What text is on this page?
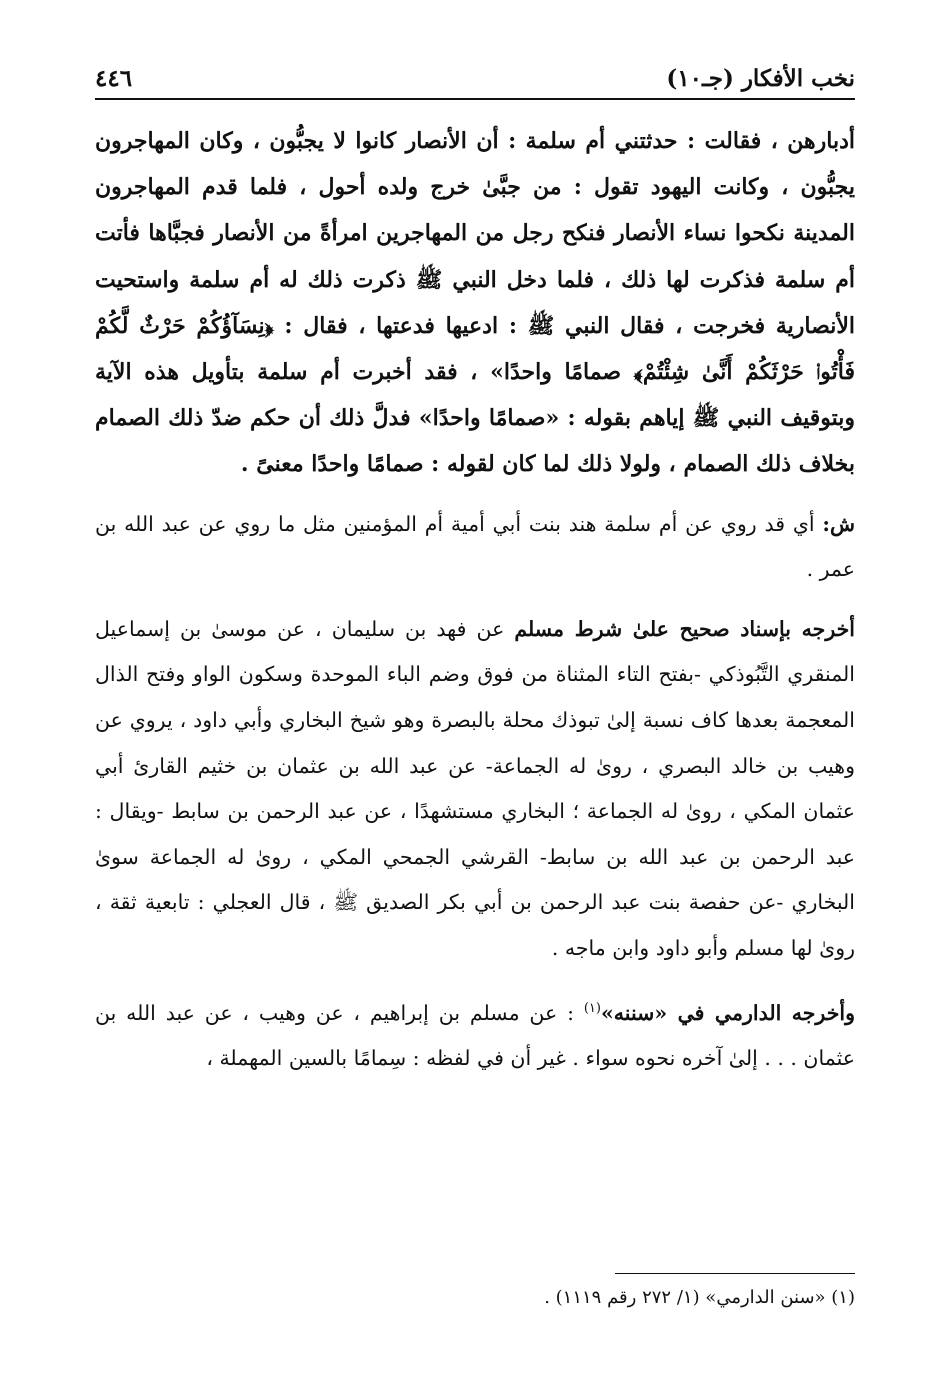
نخب الأفكار (جـ١٠)
٤٤٦

أدبارهن ، فقالت : حدثتني أم سلمة : أن الأنصار كانوا لا يجبُّون ، وكان المهاجرون يجبُّون ، وكانت اليهود تقول : من جبَّىٰ خرج ولده أحول ، فلما قدم المهاجرون المدينة نكحوا نساء الأنصار فنكح رجل من المهاجرين امرأةً من الأنصار فجبَّاها فأتت أم سلمة فذكرت لها ذلك ، فلما دخل النبي ﷺ ذكرت ذلك له أم سلمة واستحيت الأنصارية فخرجت ، فقال النبي ﷺ : ادعيها فدعتها ، فقال : ﴿نِسَآؤُكُمْ حَرْثٌ لَّكُمْ فَأْتُوا۟ حَرْثَكُمْ أَنَّىٰ شِئْتُمْ﴾ صمامًا واحدًا» ، فقد أخبرت أم سلمة بتأويل هذه الآية وبتوقيف النبي ﷺ إياهم بقوله : «صمامًا واحدًا» فدلَّ ذلك أن حكم ضدّ ذلك الصمام بخلاف ذلك الصمام ، ولولا ذلك لما كان لقوله : صمامًا واحدًا معنىً .

ش: أي قد روي عن أم سلمة هند بنت أبي أمية أم المؤمنين مثل ما روي عن عبد الله بن عمر .

أخرجه بإسناد صحيح علىٰ شرط مسلم عن فهد بن سليمان ، عن موسىٰ بن إسماعيل المنقري التَّبُوذكي -بفتح التاء المثناة من فوق وضم الباء الموحدة وسكون الواو وفتح الذال المعجمة بعدها كاف نسبة إلىٰ تبوذك محلة بالبصرة وهو شيخ البخاري وأبي داود ، يروي عن وهيب بن خالد البصري ، روىٰ له الجماعة- عن عبد الله بن عثمان بن خثيم القارئ أبي عثمان المكي ، روىٰ له الجماعة ؛ البخاري مستشهدًا ، عن عبد الرحمن بن سابط -ويقال : عبد الرحمن بن عبد الله بن سابط- القرشي الجمحي المكي ، روىٰ له الجماعة سوىٰ البخاري -عن حفصة بنت عبد الرحمن بن أبي بكر الصديق ﷺ ، قال العجلي : تابعية ثقة ، روىٰ لها مسلم وأبو داود وابن ماجه .

وأخرجه الدارمي في «سننه»$^{(١)}$ : عن مسلم بن إبراهيم ، عن وهيب ، عن عبد الله بن عثمان . . . إلىٰ آخره نحوه سواء . غير أن في لفظه : سِمامًا بالسين المهملة ،

(١) «سنن الدارمي» (١/ ٢٧٢ رقم ١١١٩) .
